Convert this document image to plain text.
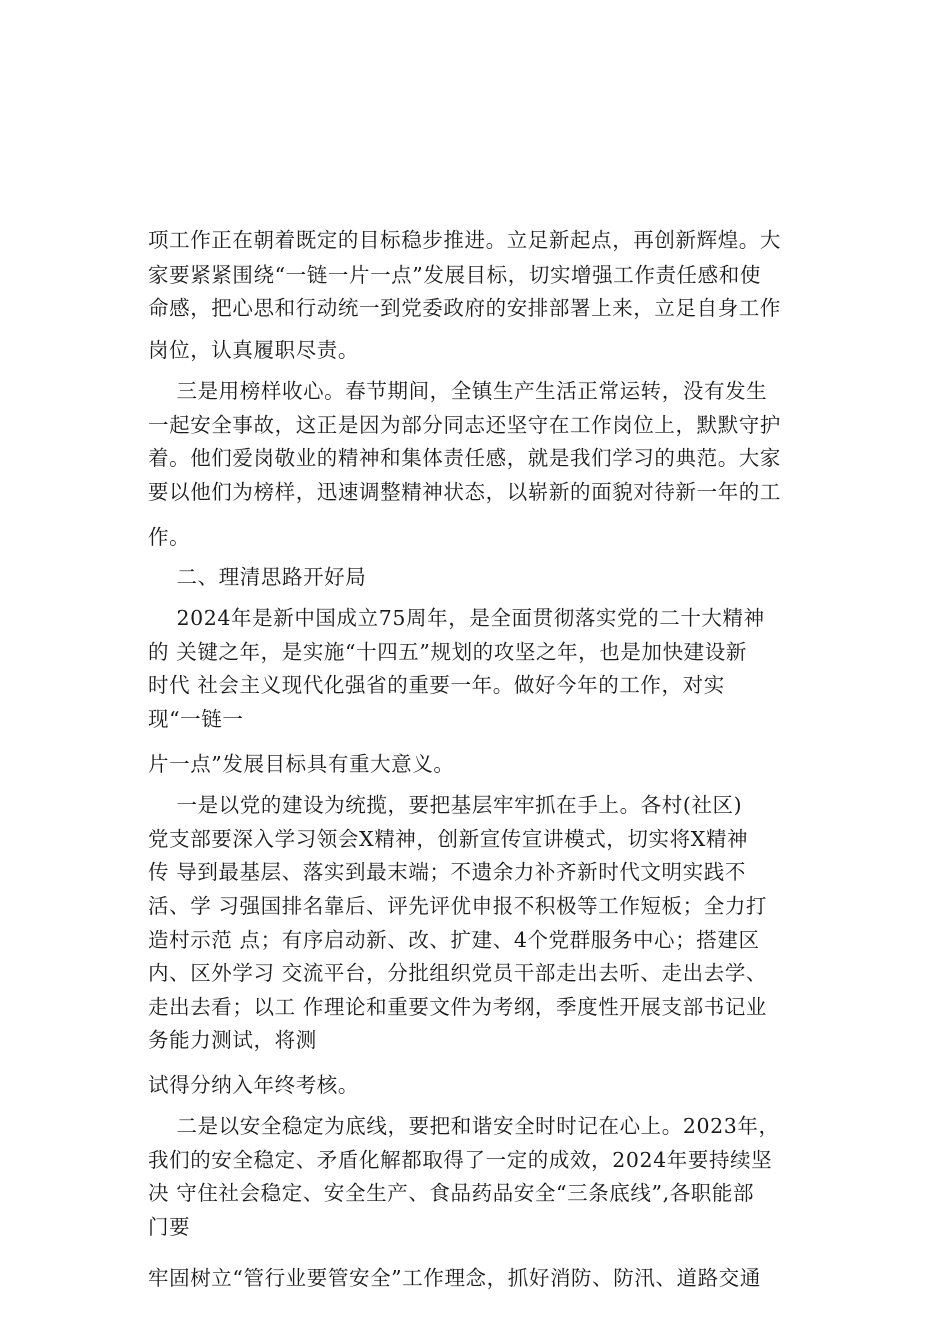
项工作正在朝着既定的目标稳步推进。立足新起点，再创新辉煌。大
家要紧紧围绕“一链一片一点”发展目标，切实增强工作责任感和使
命感，把心思和行动统一到党委政府的安排部署上来，立足自身工作
岗位，认真履职尽责。
三是用榜样收心。春节期间，全镇生产生活正常运转，没有发生
一起安全事故，这正是因为部分同志还坚守在工作岗位上，默默守护
着。他们爱岗敬业的精神和集体责任感，就是我们学习的典范。大家
要以他们为榜样，迅速调整精神状态，以崭新的面貌对待新一年的工
作。
二、理清思路开好局
2024年是新中国成立75周年，是全面贯彻落实党的二十大精神
的 关键之年，是实施“十四五”规划的攻坚之年，也是加快建设新
时代 社会主义现代化强省的重要一年。做好今年的工作，对实
现“一链一
片一点”发展目标具有重大意义。
一是以党的建设为统揽，要把基层牢牢抓在手上。各村(社区)
党支部要深入学习领会X精神，创新宣传宣讲模式，切实将X精神
传 导到最基层、落实到最末端；不遗余力补齐新时代文明实践不
活、学 习强国排名靠后、评先评优申报不积极等工作短板；全力打
造村示范 点；有序启动新、改、扩建、4个党群服务中心；搭建区
内、区外学习 交流平台，分批组织党员干部走出去听、走出去学、
走出去看；以工 作理论和重要文件为考纲，季度性开展支部书记业
务能力测试，将测
试得分纳入年终考核。
二是以安全稳定为底线，要把和谐安全时时记在心上。2023年，
我们的安全稳定、矛盾化解都取得了一定的成效，2024年要持续坚
决 守住社会稳定、安全生产、食品药品安全“三条底线”,各职能部
门要
牢固树立“管行业要管安全”工作理念，抓好消防、防汛、道路交通
